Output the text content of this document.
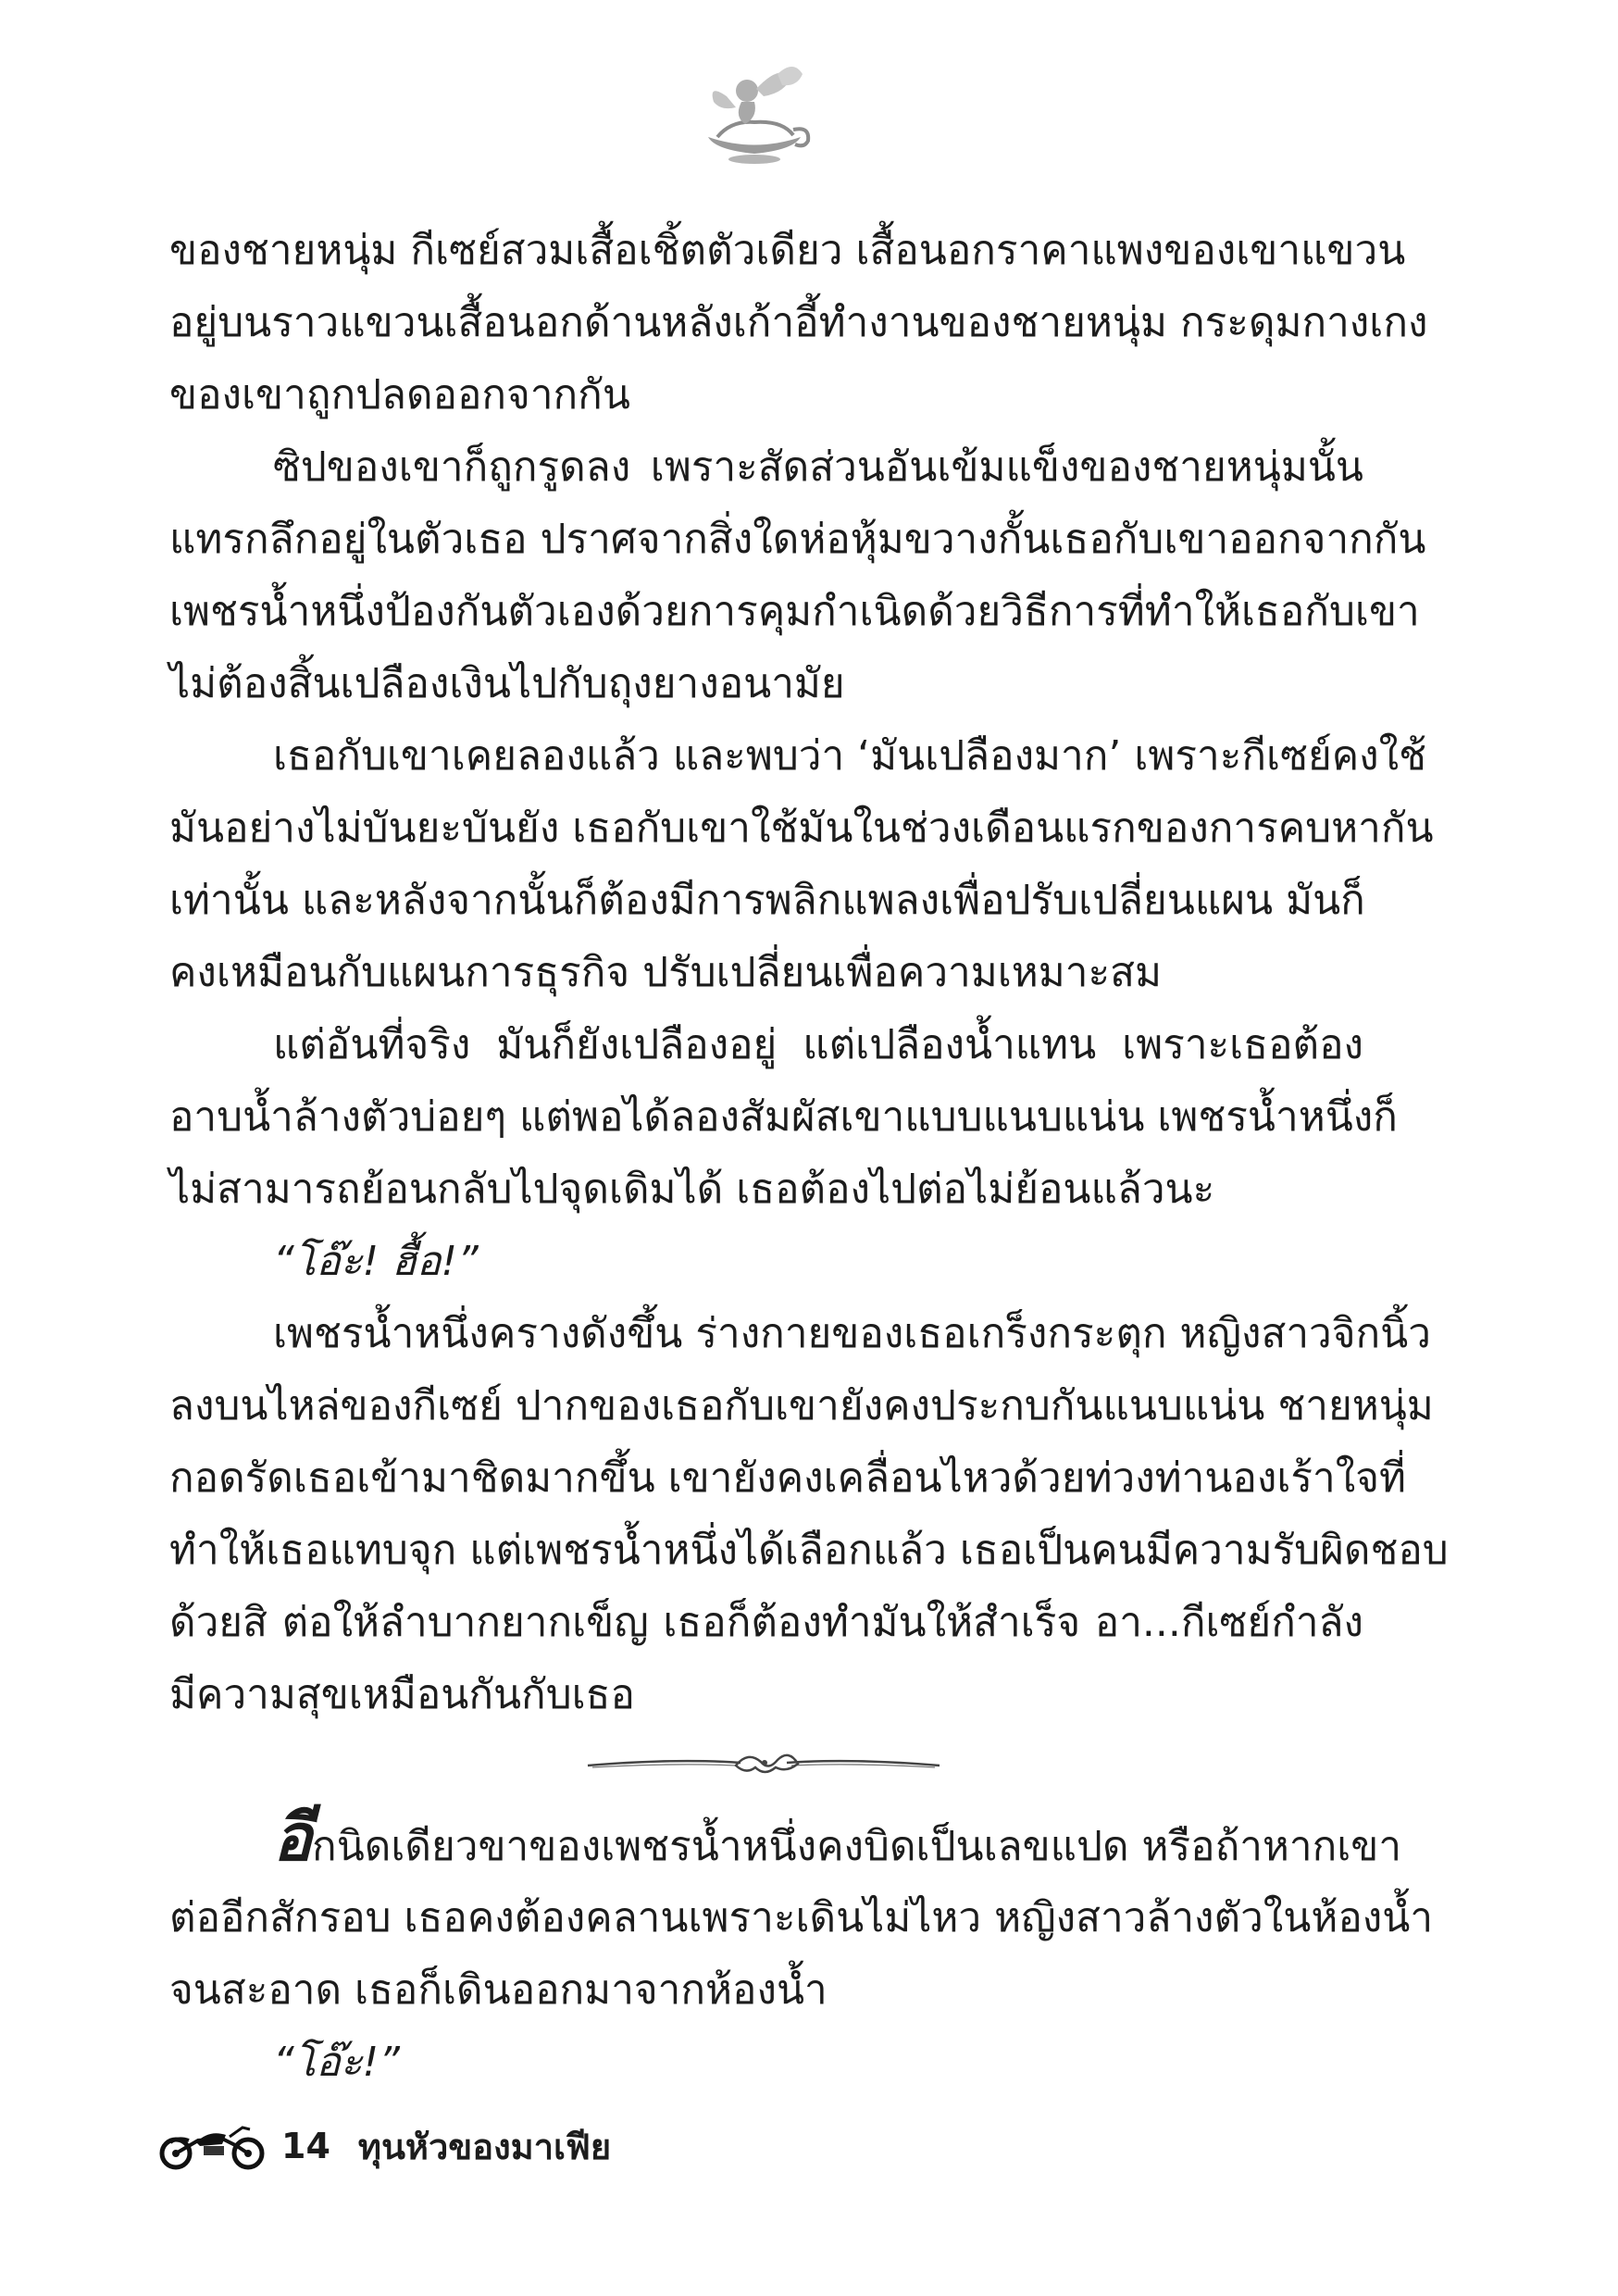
ของชายหนุ่ม กีเซย์สวมเสื้อเชิ้ตตัวเดียว เสื้อนอกราคาแพงของเขาแขวน
อยู่บนราวแขวนเสื้อนอกด้านหลังเก้าอี้ทำงานของชายหนุ่ม กระดุมกางเกง
ของเขาถูกปลดออกจากกัน
ซิปของเขาก็ถูกรูดลง เพราะสัดส่วนอันเข้มแข็งของชายหนุ่มนั้น
แทรกลึกอยู่ในตัวเธอ ปราศจากสิ่งใดห่อหุ้มขวางกั้นเธอกับเขาออกจากกัน
เพชรน้ำหนึ่งป้องกันตัวเองด้วยการคุมกำเนิดด้วยวิธีการที่ทำให้เธอกับเขา
ไม่ต้องสิ้นเปลืองเงินไปกับถุงยางอนามัย
เธอกับเขาเคยลองแล้ว และพบว่า ‘มันเปลืองมาก’ เพราะกีเซย์คงใช้
มันอย่างไม่บันยะบันยัง เธอกับเขาใช้มันในช่วงเดือนแรกของการคบหากัน
เท่านั้น และหลังจากนั้นก็ต้องมีการพลิกแพลงเพื่อปรับเปลี่ยนแผน มันก็
คงเหมือนกับแผนการธุรกิจ ปรับเปลี่ยนเพื่อความเหมาะสม
แต่อันที่จริง มันก็ยังเปลืองอยู่ แต่เปลืองน้ำแทน เพราะเธอต้อง
อาบน้ำล้างตัวบ่อยๆ แต่พอได้ลองสัมผัสเขาแบบแนบแน่น เพชรน้ำหนึ่งก็
ไม่สามารถย้อนกลับไปจุดเดิมได้ เธอต้องไปต่อไม่ย้อนแล้วนะ
“โอ๊ะ! ฮื้อ!”
เพชรน้ำหนึ่งครางดังขึ้น ร่างกายของเธอเกร็งกระตุก หญิงสาวจิกนิ้ว
ลงบนไหล่ของกีเซย์ ปากของเธอกับเขายังคงประกบกันแนบแน่น ชายหนุ่ม
กอดรัดเธอเข้ามาชิดมากขึ้น เขายังคงเคลื่อนไหวด้วยท่วงท่านองเร้าใจที่
ทำให้เธอแทบจุก แต่เพชรน้ำหนึ่งได้เลือกแล้ว เธอเป็นคนมีความรับผิดชอบ
ด้วยสิ ต่อให้ลำบากยากเข็ญ เธอก็ต้องทำมันให้สำเร็จ อา...กีเซย์กำลัง
มีความสุขเหมือนกันกับเธอ
อีกนิดเดียวขาของเพชรน้ำหนึ่งคงบิดเป็นเลขแปด หรือถ้าหากเขา
ต่ออีกสักรอบ เธอคงต้องคลานเพราะเดินไม่ไหว หญิงสาวล้างตัวในห้องน้ำ
จนสะอาด เธอก็เดินออกมาจากห้องน้ำ
“โอ๊ะ!”
14 ทุนหัวของมาเฟีย
